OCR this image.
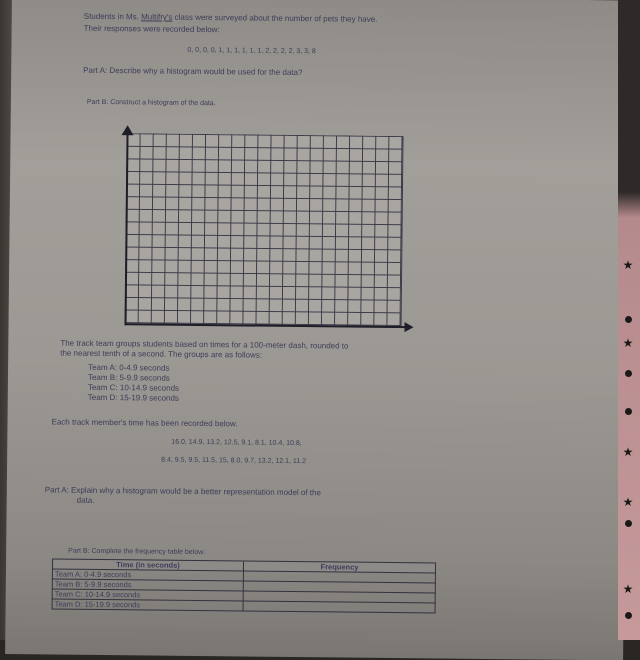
Students in Ms. Multifry's class were surveyed about the number of pets they have.
Their responses were recorded below:
0, 0, 0, 0, 1, 1, 1, 1, 1, 1, 2, 2, 2, 2, 3, 3, 8
Part A: Describe why a histogram would be used for the data?
Part B: Construct a histogram of the data.
The track team groups students based on times for a 100-meter dash, rounded to
the nearest tenth of a second. The groups are as follows:
Team A: 0-4.9 seconds
Team B: 5-9.9 seconds
Team C: 10-14.9 seconds
Team D: 15-19.9 seconds
Each track member's time has been recorded below.
16.0, 14.9, 13.2, 12.5, 9.1, 8.1, 10.4, 10.8,
8.4, 9.5, 9.5, 11.5, 15, 8.0, 9.7, 13.2, 12.1, 11.2
Part A: Explain why a histogram would be a better representation model of the
data.
Part B: Complete the frequency table below:
Time (in seconds)	Frequency
Team A: 0-4.9 seconds	
Team B: 5-9.9 seconds	
Team C: 10-14.9 seconds	
Team D: 15-19.9 seconds	
★
★
★
★
★
